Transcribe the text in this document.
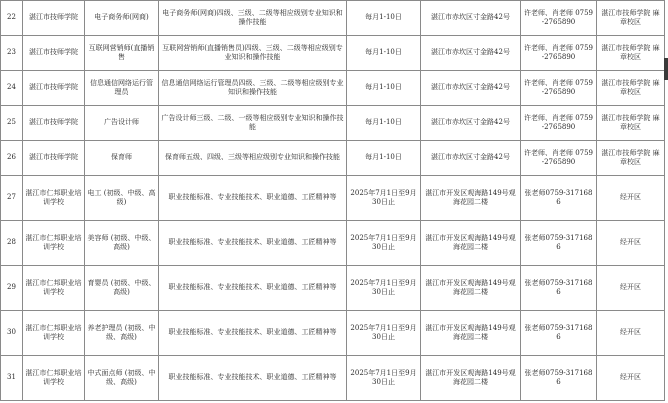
22	湛江市技师学院	电子商务师(网商)	电子商务师(网商)四级、三级、二级等相应级别专业知识和操作技能	每月1-10日	湛江市赤坎区寸金路42号	许老师、肖老师 0759-2765890	湛江市技师学院 麻章校区
23	湛江市技师学院	互联网营销师(直播销售	互联网营销师(直播销售员)四级、三级、二级等相应级别专业知识和操作技能	每月1-10日	湛江市赤坎区寸金路42号	许老师、肖老师 0759-2765890	湛江市技师学院 麻章校区
24	湛江市技师学院	信息通信网络运行管理员	信息通信网络运行管理员四级、三级、二级等相应级别专业知识和操作技能	每月1-10日	湛江市赤坎区寸金路42号	许老师、肖老师 0759-2765890	湛江市技师学院 麻章校区
25	湛江市技师学院	广告设计师	广告设计师三级、二级、一级等相应级别专业知识和操作技能	每月1-10日	湛江市赤坎区寸金路42号	许老师、肖老师 0759-2765890	湛江市技师学院 麻章校区
26	湛江市技师学院	保育师	保育师五级、四级、三级等相应级别专业知识和操作技能	每月1-10日	湛江市赤坎区寸金路42号	许老师、肖老师 0759-2765890	湛江市技师学院 麻章校区
27	湛江市仁邦职业培训学校	电工 (初级、中级、高级)	职业技能标准、专业技能技术、职业道德、工匠精神等	2025年7月1日至9月30日止	湛江市开发区观海路149号观海花园二楼	张老师0759-3171686	经开区
28	湛江市仁邦职业培训学校	美容师 (初级、中级、高级)	职业技能标准、专业技能技术、职业道德、工匠精神等	2025年7月1日至9月30日止	湛江市开发区观海路149号观海花园二楼	张老师0759-3171686	经开区
29	湛江市仁邦职业培训学校	育婴员 (初级、中级、高级)	职业技能标准、专业技能技术、职业道德、工匠精神等	2025年7月1日至9月30日止	湛江市开发区观海路149号观海花园二楼	张老师0759-3171686	经开区
30	湛江市仁邦职业培训学校	养老护理员 (初级、中级、高级)	职业技能标准、专业技能技术、职业道德、工匠精神等	2025年7月1日至9月30日止	湛江市开发区观海路149号观海花园二楼	张老师0759-3171686	经开区
31	湛江市仁邦职业培训学校	中式面点师 (初级、中级、高级)	职业技能标准、专业技能技术、职业道德、工匠精神等	2025年7月1日至9月30日止	湛江市开发区观海路149号观海花园二楼	张老师0759-3171686	经开区
